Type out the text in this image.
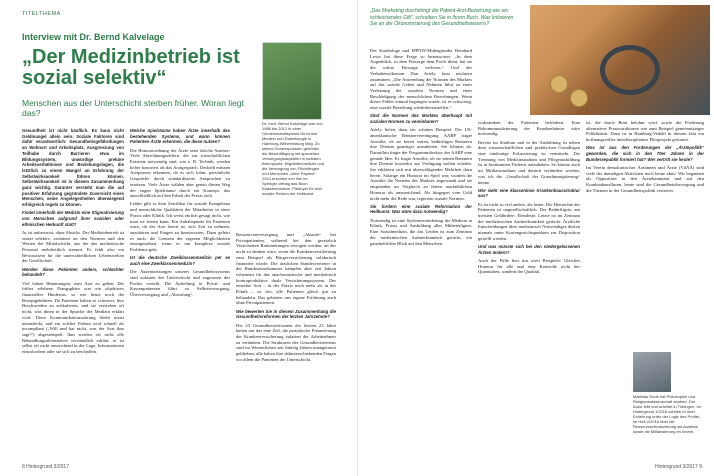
TITELTHEMA
Interview mit Dr. Bernd Kalvelage
„Der Medizinbetrieb ist sozial selektiv“
Menschen aus der Unterschicht sterben früher. Woran liegt das?
Dr. med. Bernd Kalvelage war von 1986 bis 2012 in einer Gemeinschaftspraxis für innere Medizin und Diabetologie in Hamburg-Wilhelmsburg tätig. Zu seinen Schwerpunkten gehörten die Beschäftigung mit speziellen Versorgungsaspekten in sozialen Brennpunkt, Migrantenmedizin und die Versorgung von Flüchtlingen und Menschen „ohne Papiere“. 2014 erschien von ihm im Springer-Verlag das Buch Klassenmedizin. Plädoyer für eine soziale Reform der Heilkunst.

Gesundheit ist nicht käuflich. Es kann nicht Geldmangel allein sein. Soziale Faktoren sind dafür verantwortlich: Gesundheitsgefährdungen an Wohnort und Arbeitsplatz, Ausgrenzung von Teilhabe durch Barrieren etwa im Bildungssystem, unwürdige prekäre Arbeitsverhältnisse und Beziehungslagen, die letztlich zu einem Mangel an Erfahrung der Selbstwirksamkeit führen können. Selbstwirksamkeit ist in diesem Zusammenhang ganz wichtig. Darunter versteht man die auf positiver Erfahrung gegründete Zuversicht eines Menschen, seine Angelegenheiten überwiegend erfolgreich regeln zu können.

Findet innerhalb der Medizin eine Stigmatisierung von Menschen aufgrund ihrer sozialen oder ethnischen Herkunft statt?

Ja, ist unbewusst, ohne Absicht. Der Medizinbetrieb ist sozial selektiv, orientiert an den Normen und den Werten der Mittelschicht, aus der das medizinische Personal mehrheitlich stammt. Es fehlt also ein Bewusstsein für die unterschiedlichen Lebenswelten der Gesellschaft.

Werden diese Patienten anders, schlechter behandelt?

Viel haben Hemmungen, zum Arzt zu gehen. Die früher erlebene Prangsphäre war ein objektives finanzielles Hindernis, so wie heute noch die Rezeptgebühren. Da Patienten haben es schwerer, ihre Beschwerden zu artikulieren, und sie verstehen oft nicht, was ihnen in der Sprache der Medizin erklärt wird. Diese Kommunikationsstörung bleibt meist unentdeckt, und ein solcher Patient wird schnell als incompliant („Will und hat nicht, was der Arzt ihm sagt!“) abgestempelt. Ihm werden oft nicht alle Behandlungsalternativen verständlich erklärt, er ist selbst oft nicht ausreichend in der Lage, Informationen einzufordern oder sie sich zu beschaffen.

Welche Spielräume haben Ärzte innerhalb des bestehenden Systems, und wann können Patienten Ärzte erkennen, die diese nutzen?

Die Honorarordnung der Ärzte setzt falsche Anreize: Viele Abrechnungsziffern, die zur wirtschaftlichen Existenz notwendig sind, wie z. B. Technik, werden höher honoriert als das Arztgespräch. Deshalb müssen Arztpraxen erkennen, ob es sich lohnt, persönliche Gespräche durch standardisierte Ansprachen zu ersetzen. Viele Ärzte wählen aber genau diesen Weg der engen Spielräume durch ein Konzept, das ausschließlich auf den Erhalt der Praxis zielt.

Leider gibt es kein Zertifikat für soziale Kompetenz und menschliche Qualitäten der Mitarbeiter in einer Praxis oder Klinik. Ich weiss ehrlich gesagt nicht, wie man sie lernen kann. Ein Anhaltspunkt für Patienten wäre, ob der Arzt bereit ist, sich Zeit zu nehmen, zuzuhören und Fragen zu beantworten. Dazu gehört es auch, die Grenzen der eigenen Möglichkeiten einzugestehen, wenn es um komplexe soziale Probleme geht.

Ist die deutsche Zweiklassenmedizin per se auch eine Zweiklassenmedizin?

Die Akzentsetzungen unseres Gesundheitssystems sind zulasten der Unterschicht und zugunsten des Profits verteilt. Die Aufteilung in Privat- und Kassenpatienten führt zu Selbstversorgung, Überversorgung und „Abstufung“.

Ressourcenversorgung und „Abstufe“ bei Privatpatienten, während bei den gesetzlich Versicherten Rationierungen erwogen werden, an der nicht zu denken wäre, wenn die Krankenversicherung zum Beispiel als Bürgerversicherung solidarisch finanziert würde. Die ärztlichen Standesvertreter in der Bundesärztekammer kämpfen aber seit Jahren vehement für das anachronistische und medizinisch kontraproduktive duale Versicherungssystem. Der einzelne Arzt – in der Praxis noch mehr als in der Klinik – ist frei, alle Patienten gleich gut zu behandeln. Das gebieten uns eigene Erfahrung auch ohne Privatpatienten.

Wie bewerten Sie in diesem Zusammenhang die Gesundheitsreformen der letzten Jahrzehnte?

Die 23 Gesundheitsreformen der letzten 23 Jahre hatten nur das eine Ziel, die paritätische Finanzierung der Krankenversicherung zulasten der Arbeitnehmer zu verändern. Die Strukturen des Gesundheitswesens sind im Wesentlichen seit fünfzig Jahren unangetastet geblieben, alle haben ihre dahinterschiebenden Fragen vor allem die Patienten der Unterschicht.

8 Hintergrund 3/2017
„Das Marketing durchdringt die Patient-Arzt-Beziehung wie ein schleichendes Gift“, schreiben Sie in Ihrem Buch. Was kritisieren Sie an der Ökonomisierung des Gesundheitswesens?

Der Kardiologe und IPPNW-Mitbegründer Bernhard Lown hat diese Frage so beantwortet: „In dem Augenblick, in dem Fürsorge dem Profit dient, hat sie die wahre Fürsorge verloren.“ Und der Verhaltensökonom Dan Ariely fasst nüchtern zusammen: „Die Anwendung der Normen des Marktes auf das soziale Geben und Nehmen führt zu einer Verletzung der sozialen Normen und einer Beschädigung der menschlichen Beziehungen. Wenn dieser Fehler einmal begangen wurde, ist es schwierig, eine soziale Beziehung wiederherzustellen.“

Sind die Normen des Marktes überhaupt mit sozialen Normen zu vereinbaren?

Ariely liefert dazu ein schönes Beispiel: Die US-amerikanische Rentnervereinigung AARP fragte Anwälte, ob sie bereit wären, bedürftigen Rentnern ihre Dienste günstiger anzubieten. Sie lehnten ab. Daraufhin fragte der Programmdirektor der AARP eine geniale Idee: Er fragte Anwälte, ob sie seinen Rentnern ihre Dienste kostenlos zur Verfügung stellen würden. Sie erklärten sich mit überwältigender Mehrheit dazu bereit. Solange ein Honorar im Spiel war, wurden die Anwälte die Normen des Marktes angewandt und sie empfanden im Vergleich zu ihrem marktüblichen Honorar als unzureichend. Als hingegen vom Geld nicht mehr die Rede war, regierten soziale Normen.

Sie fordern eine soziale Reformation der Heilkunst. Was wäre dazu notwendig?

Notwendig ist eine Systemveränderung der Medizin in Klinik, Praxis und Ausbildung aller Mitbeteiligten. Eine Sozialmedizin, die das Leiden ist zum Zentrum der medizinischen Aufmerksamkeit gerückt, ein ganzheitlicher Blick auf den Menschen.

wirksamkeit der Patienten befördern. Eine Rekommunalisierung der Krankenhäuser wäre notwendig.

Bereits im Studium und in der Ausbildung ist neben dem wissenschaftlichen und praktischen Grundlagen eine eindeutige Fokussierung zu vermitteln. Die Trennung von Medizinstudium und Pflegeausbildung ist in bestimmten Fächern aufzuheben. So könnte auch im Medizinstudium und danach verhindert werden, was ich die „Gesellschaft der Grundimmigrierung“ nenne.

Wie sieht eine klassenlose Krankenhausstruktur aus?

Es ist nicht so viel anders, als heute. Die Hierarchie der Patienten ist ungesellschaftlich. Der Bedürftigste, am meisten Gefährdete, Elendeste, Letzte ist im Zentrum der medizinischen Aufmerksamkeit gerückt. Ärztliche Entscheidungen über medizinisch Notwendiges dürfen niemals unter Kostengesichtspunkten zur Disposition gestellt werden.

Und was müsste sich bei den niedergelassenen Ärzten ändern?

Auch der Fülle hier nur zwei Beispiele: Gleiches Honorar für alle und eine Kontrolle nicht der Quantitäten, sondern der Qualität.

ist, die durch Boni belohnt wird, sowie die Förderung alternativer Praxisstrukturen wie zum Beispiel gemeinnütziger Poliklinken. Dazu ist in Hamburg-Veddel in diesem Jahr ein hoffnungsvolles interdisziplinäres Pilotprojekt gestartet.

Was ist aus den Forderungen der „Ärztepolitik“ geworden, die sich in den 70er Jahren in der Bundesrepublik formiert hat? Wer vertritt sie heute?

Im Verein demokratischer Ärztinnen und Ärzte (VdÄÄ) sind viele der damaligen Aktivisten noch heute aktiv. Wir begannen als Opposition in den Ärztekammern und auf den Krankenhausfluren, heute sind die Gesundheitsbewegung und die Themen in der Gesundheitspolitik vertreten.

Matthias Rude hat Philosophie und Religionswissenschaft studiert. Der Autor lebt und arbeitet in Tübingen. Im Hintergrund 1/2016 schrieb er über Erziehung unter der Logik des Profits, im Heft 2/2016 über die Ressourcenfinanzierung als Ausblick sowie die Militarisierung im Innern.
Hintergrund 3/2017 9
